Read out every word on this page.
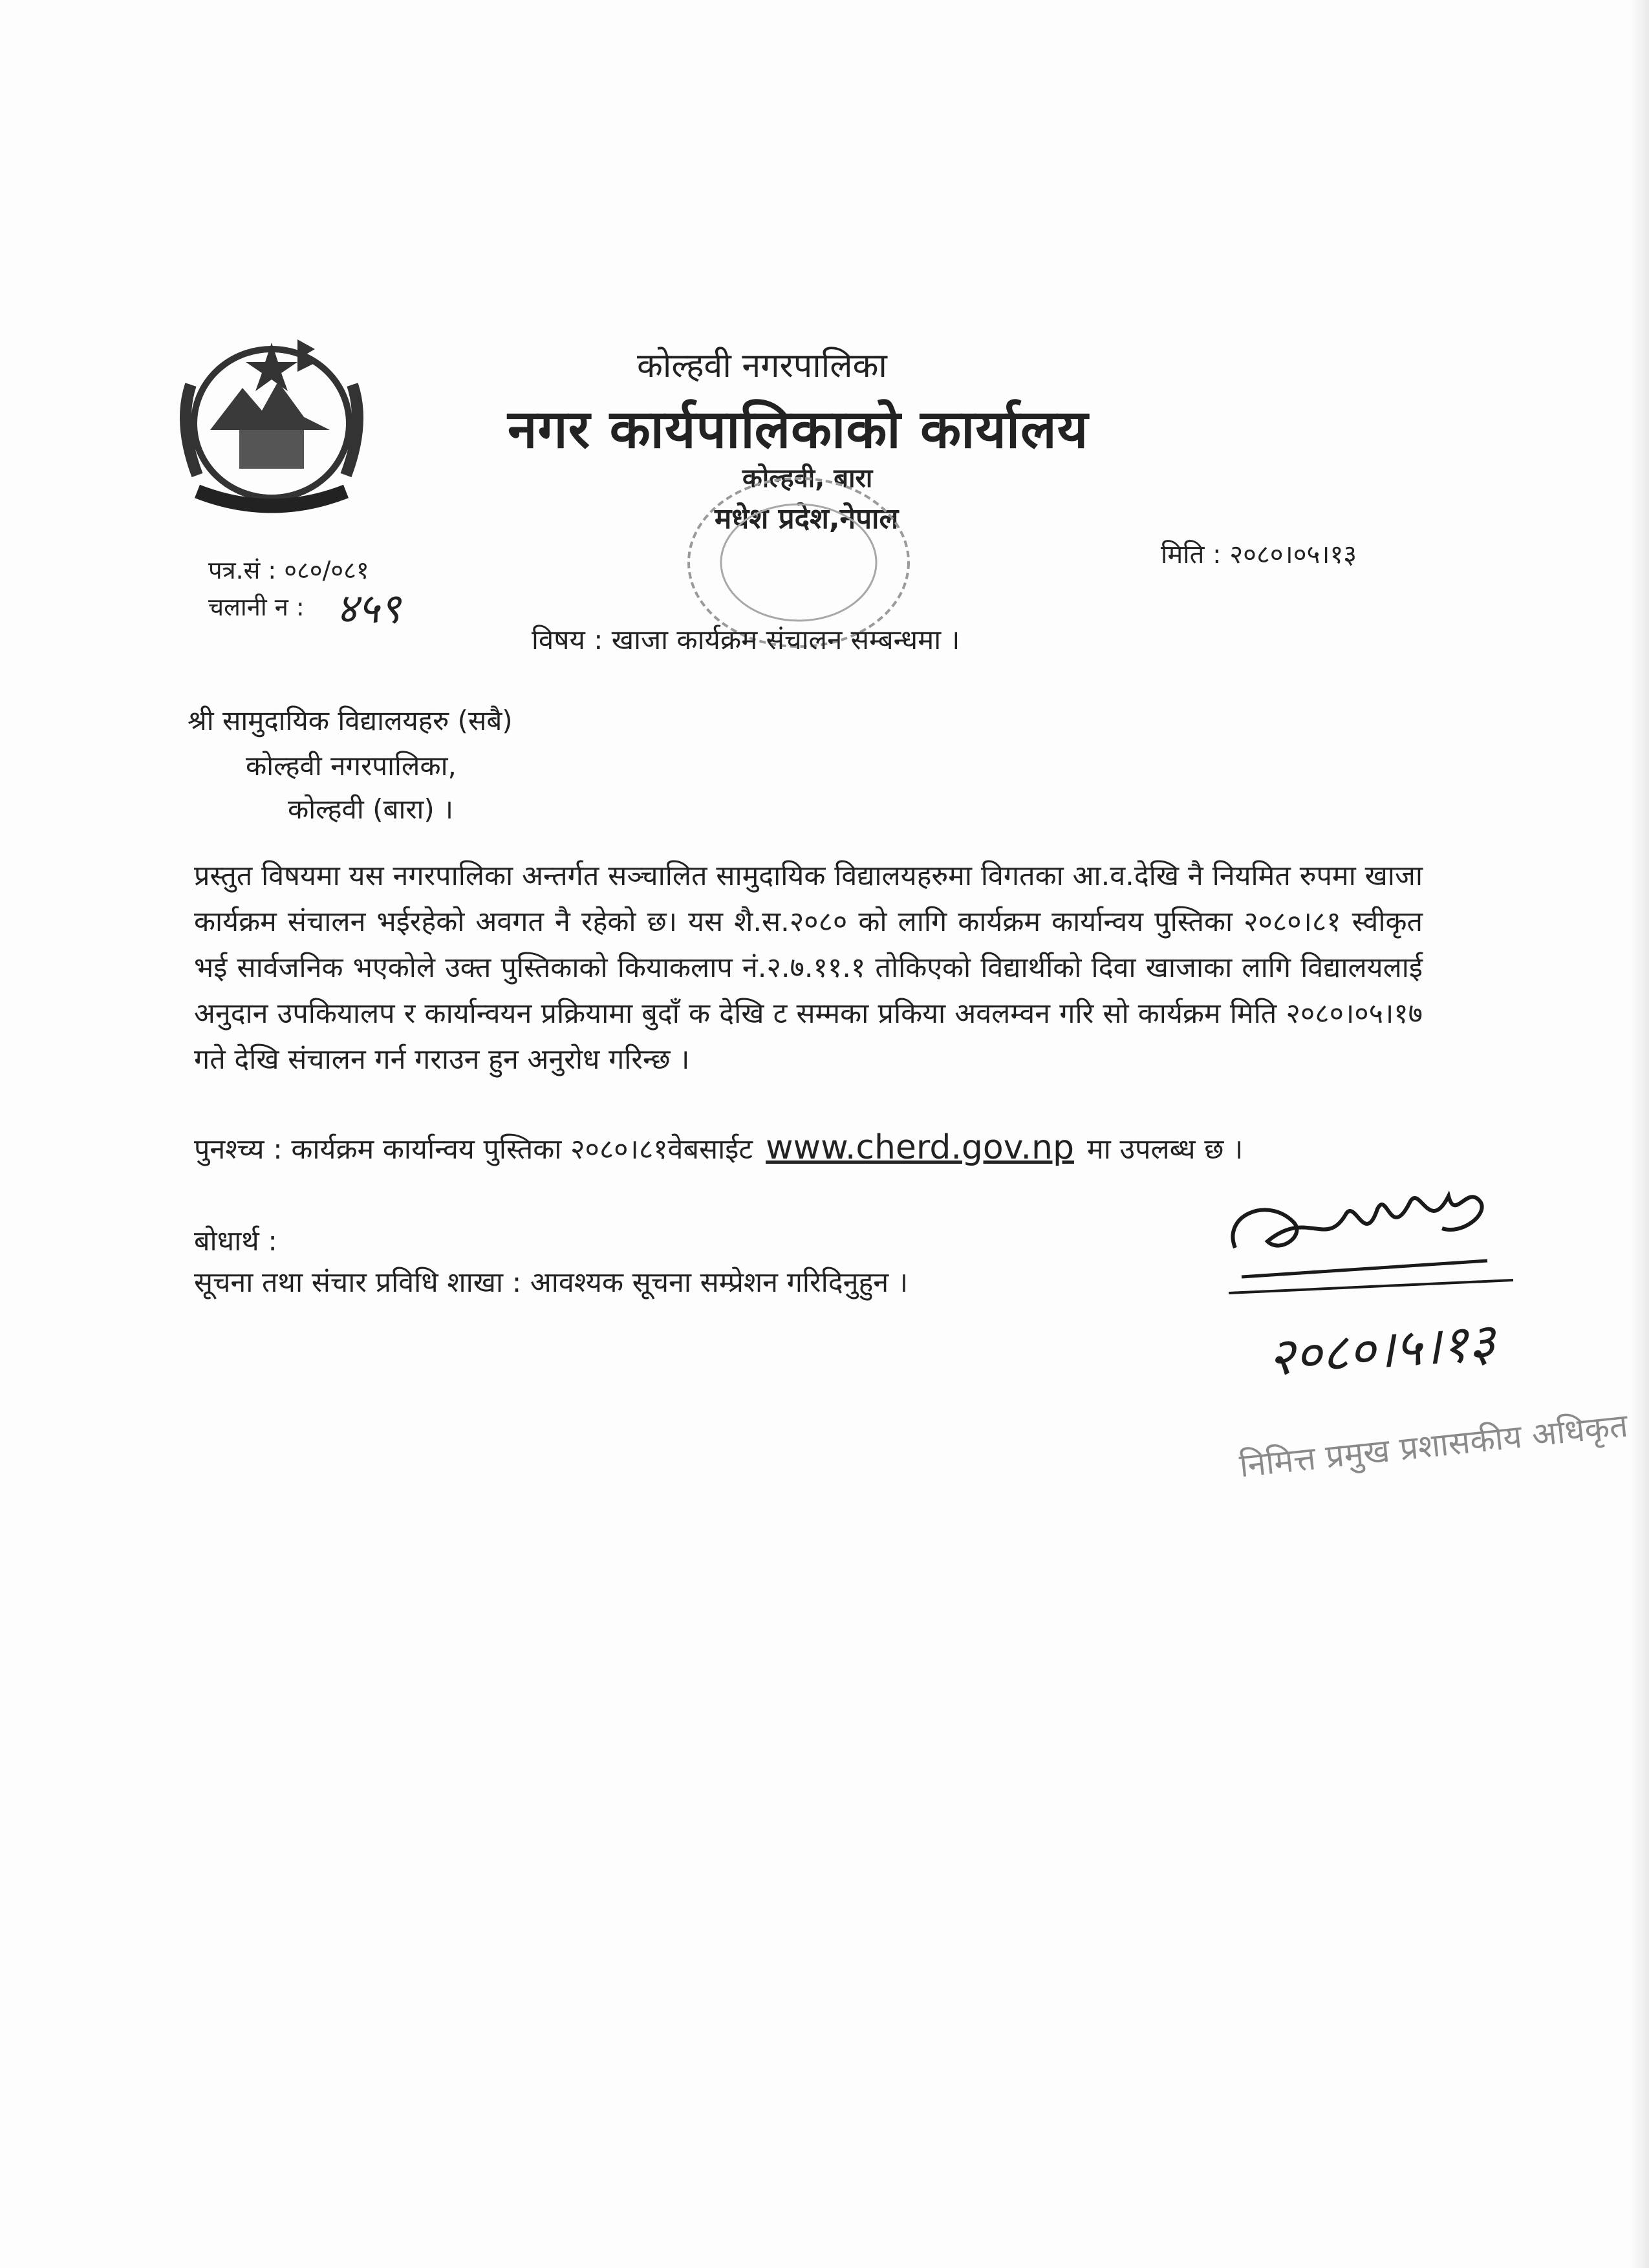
कोल्हवी नगरपालिका
नगर कार्यपालिकाको कार्यालय
कोल्हवी, बारा
मधेश प्रदेश,नेपाल
पत्र.सं : ०८०/०८१
चलानी न : ४५९
मिति : २०८०।०५।१३
विषय : खाजा कार्यक्रम संचालन सम्बन्धमा ।
श्री सामुदायिक विद्यालयहरु (सबै)
कोल्हवी नगरपालिका,
कोल्हवी (बारा) ।
प्रस्तुत विषयमा यस नगरपालिका अन्तर्गत सञ्चालित सामुदायिक विद्यालयहरुमा विगतका आ.व.देखि नै नियमित रुपमा खाजा कार्यक्रम संचालन भईरहेको अवगत नै रहेको छ। यस शै.स.२०८० को लागि कार्यक्रम कार्यान्वय पुस्तिका २०८०।८१ स्वीकृत भई सार्वजनिक भएकोले उक्त पुस्तिकाको कियाकलाप नं.२.७.११.१ तोकिएको विद्यार्थीको दिवा खाजाका लागि विद्यालयलाई अनुदान उपकियालप र कार्यान्वयन प्रक्रियामा बुदाँ क देखि ट सम्मका प्रकिया अवलम्वन गरि सो कार्यक्रम मिति २०८०।०५।१७ गते देखि संचालन गर्न गराउन हुन अनुरोध गरिन्छ ।
पुनश्च्य : कार्यक्रम कार्यान्वय पुस्तिका २०८०।८१वेबसाईट www.cherd.gov.np मा उपलब्ध छ ।
बोधार्थ :
सूचना तथा संचार प्रविधि शाखा : आवश्यक सूचना सम्प्रेशन गरिदिनुहुन ।
२०८०।५।१३
निमित्त प्रमुख प्रशासकीय अधिकृत
